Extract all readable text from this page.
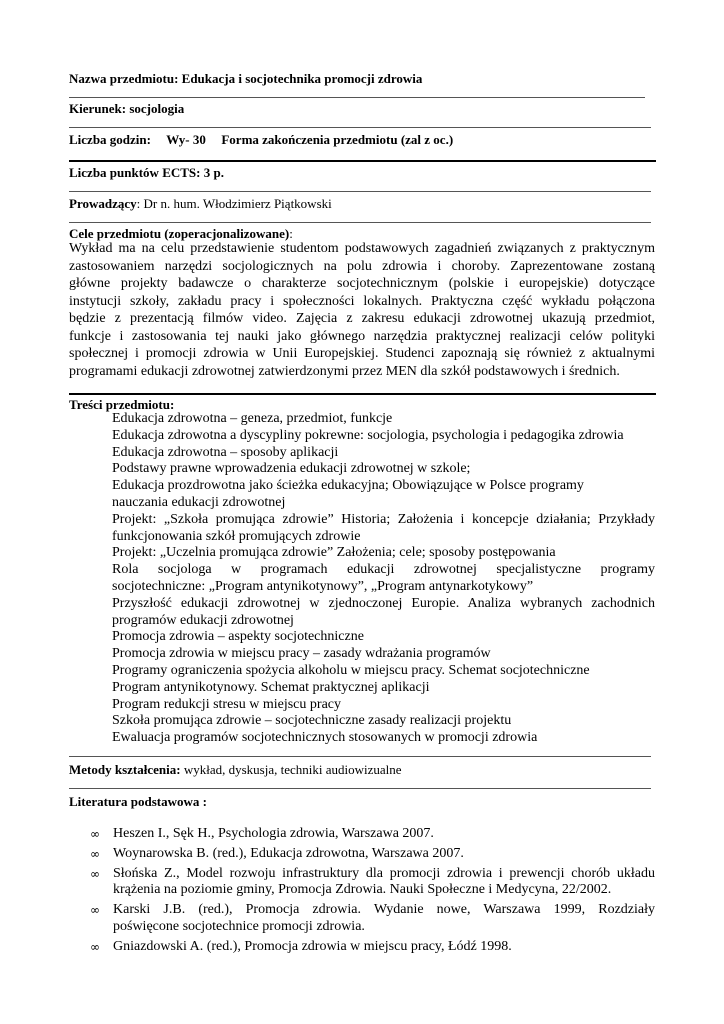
Nazwa przedmiotu: Edukacja i socjotechnika promocji zdrowia
Kierunek: socjologia
Liczba godzin: Wy- 30 Forma zakończenia przedmiotu (zal z oc.)
Liczba punktów ECTS: 3 p.
Prowadzący: Dr n. hum. Włodzimierz Piątkowski
Cele przedmiotu (zoperacjonalizowane):
Wykład ma na celu przedstawienie studentom podstawowych zagadnień związanych z praktycznym
zastosowaniem narzędzi socjologicznych na polu zdrowia i choroby. Zaprezentowane zostaną
główne projekty badawcze o charakterze socjotechnicznym (polskie i europejskie) dotyczące
instytucji szkoły, zakładu pracy i społeczności lokalnych. Praktyczna część wykładu połączona
będzie z prezentacją filmów video. Zajęcia z zakresu edukacji zdrowotnej ukazują przedmiot,
funkcje i zastosowania tej nauki jako głównego narzędzia praktycznej realizacji celów polityki
społecznej i promocji zdrowia w Unii Europejskiej. Studenci zapoznają się również z aktualnymi
programami edukacji zdrowotnej zatwierdzonymi przez MEN dla szkół podstawowych i średnich.
Treści przedmiotu:
Edukacja zdrowotna – geneza, przedmiot, funkcje
Edukacja zdrowotna a dyscypliny pokrewne: socjologia, psychologia i pedagogika zdrowia
Edukacja zdrowotna – sposoby aplikacji
Podstawy prawne wprowadzenia edukacji zdrowotnej w szkole;
Edukacja prozdrowotna jako ścieżka edukacyjna; Obowiązujące w Polsce programy
nauczania edukacji zdrowotnej
Projekt: „Szkoła promująca zdrowie” Historia; Założenia i koncepcje działania; Przykłady
funkcjonowania szkół promujących zdrowie
Projekt: „Uczelnia promująca zdrowie” Założenia; cele; sposoby postępowania
Rola socjologa w programach edukacji zdrowotnej specjalistyczne programy
socjotechniczne: „Program antynikotynowy”, „Program antynarkotykowy”
Przyszłość edukacji zdrowotnej w zjednoczonej Europie. Analiza wybranych zachodnich
programów edukacji zdrowotnej
Promocja zdrowia – aspekty socjotechniczne
Promocja zdrowia w miejscu pracy – zasady wdrażania programów
Programy ograniczenia spożycia alkoholu w miejscu pracy. Schemat socjotechniczne
Program antynikotynowy. Schemat praktycznej aplikacji
Program redukcji stresu w miejscu pracy
Szkoła promująca zdrowie – socjotechniczne zasady realizacji projektu
Ewaluacja programów socjotechnicznych stosowanych w promocji zdrowia
Metody kształcenia: wykład, dyskusja, techniki audiowizualne
Literatura podstawowa :
∞ Heszen I., Sęk H., Psychologia zdrowia, Warszawa 2007.
∞ Woynarowska B. (red.), Edukacja zdrowotna, Warszawa 2007.
∞ Słońska Z., Model rozwoju infrastruktury dla promocji zdrowia i prewencji chorób układu
krążenia na poziomie gminy, Promocja Zdrowia. Nauki Społeczne i Medycyna, 22/2002.
∞ Karski J.B. (red.), Promocja zdrowia. Wydanie nowe, Warszawa 1999, Rozdziały
poświęcone socjotechnice promocji zdrowia.
∞ Gniazdowski A. (red.), Promocja zdrowia w miejscu pracy, Łódź 1998.
